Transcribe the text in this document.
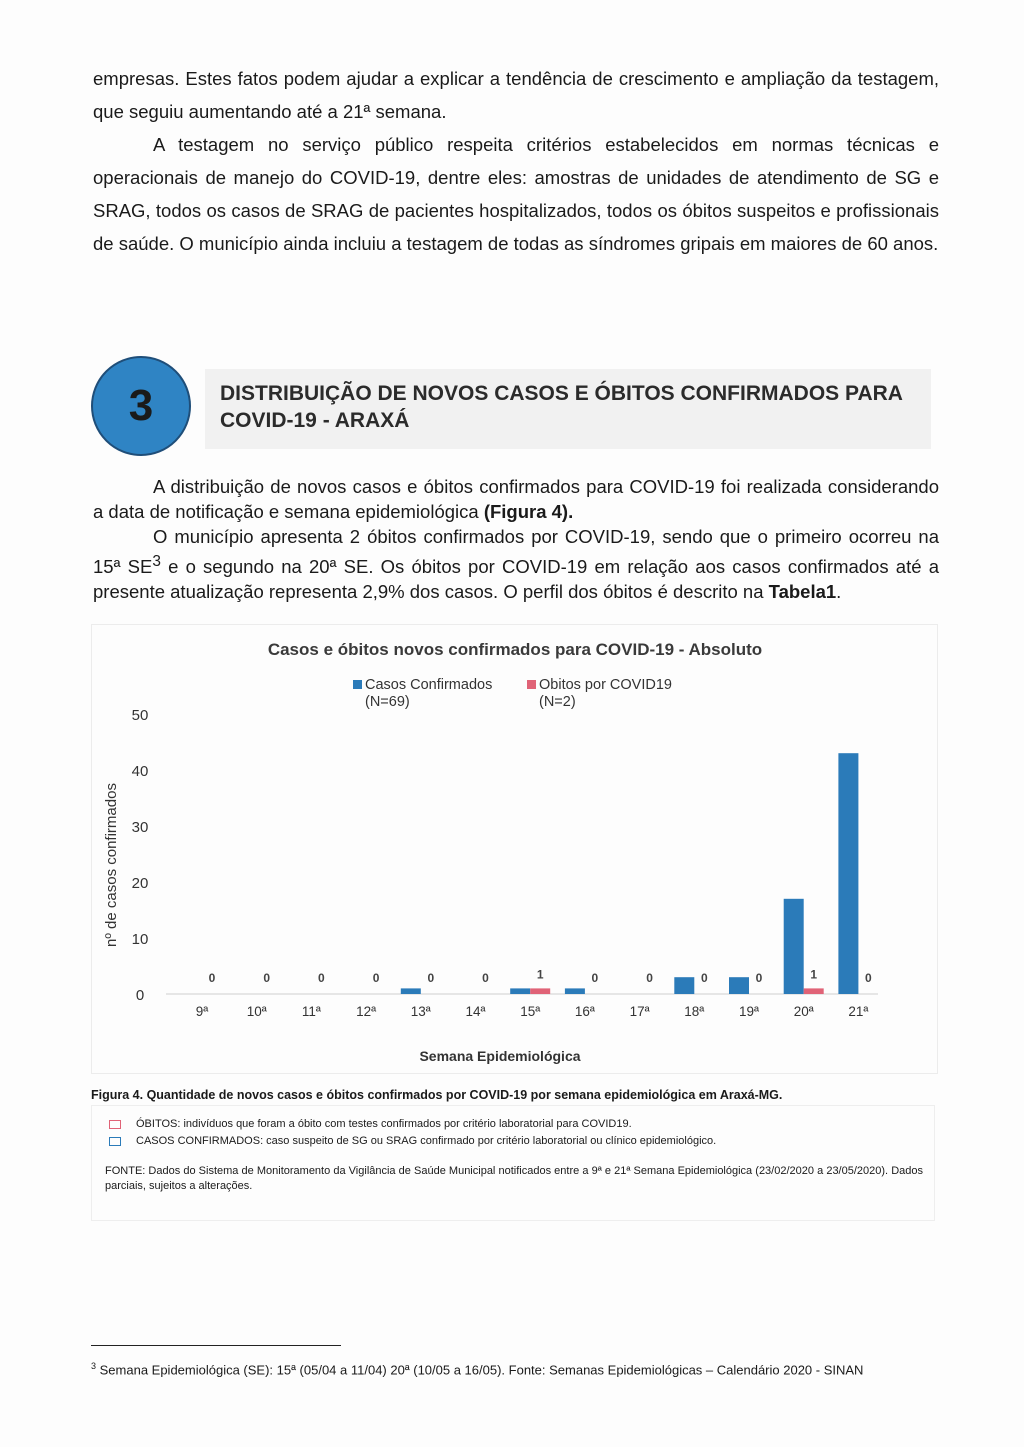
empresas. Estes fatos podem ajudar a explicar a tendência de crescimento e ampliação da testagem, que seguiu aumentando até a 21ª semana.

A testagem no serviço público respeita critérios estabelecidos em normas técnicas e operacionais de manejo do COVID-19, dentre eles: amostras de unidades de atendimento de SG e SRAG, todos os casos de SRAG de pacientes hospitalizados, todos os óbitos suspeitos e profissionais de saúde. O município ainda incluiu a testagem de todas as síndromes gripais em maiores de 60 anos.

3	DISTRIBUIÇÃO DE NOVOS CASOS E ÓBITOS CONFIRMADOS PARA COVID-19 - ARAXÁ

A distribuição de novos casos e óbitos confirmados para COVID-19 foi realizada considerando a data de notificação e semana epidemiológica (Figura 4).

O município apresenta 2 óbitos confirmados por COVID-19, sendo que o primeiro ocorreu na 15ª $SE^3$ e o segundo na 20ª SE. Os óbitos por COVID-19 em relação aos casos confirmados até a presente atualização representa 2,9% dos casos. O perfil dos óbitos é descrito na Tabela1.

Casos e óbitos novos confirmados para COVID-19 - Absoluto
Casos Confirmados
(N=69)
Obitos por COVID19
(N=2)
nº de casos confirmados
Semana Epidemiológica
0
10
20
30
40
50
9ª	10ª	11ª	12ª	13ª	14ª	15ª	16ª	17ª	18ª	19ª	20ª	21ª
0	0	0	0	0	0	1	0	0	0	0	1	0

Figura 4. Quantidade de novos casos e óbitos confirmados por COVID-19 por semana epidemiológica em Araxá-MG.

ÓBITOS: indivíduos que foram a óbito com testes confirmados por critério laboratorial para COVID19.
CASOS CONFIRMADOS: caso suspeito de SG ou SRAG confirmado por critério laboratorial ou clínico epidemiológico.
FONTE: Dados do Sistema de Monitoramento da Vigilância de Saúde Municipal notificados entre a 9ª e 21ª Semana Epidemiológica (23/02/2020 a 23/05/2020). Dados parciais, sujeitos a alterações.
$^3$ Semana Epidemiológica (SE): 15ª (05/04 a 11/04) 20ª (10/05 a 16/05). Fonte: Semanas Epidemiológicas – Calendário 2020 - SINAN
